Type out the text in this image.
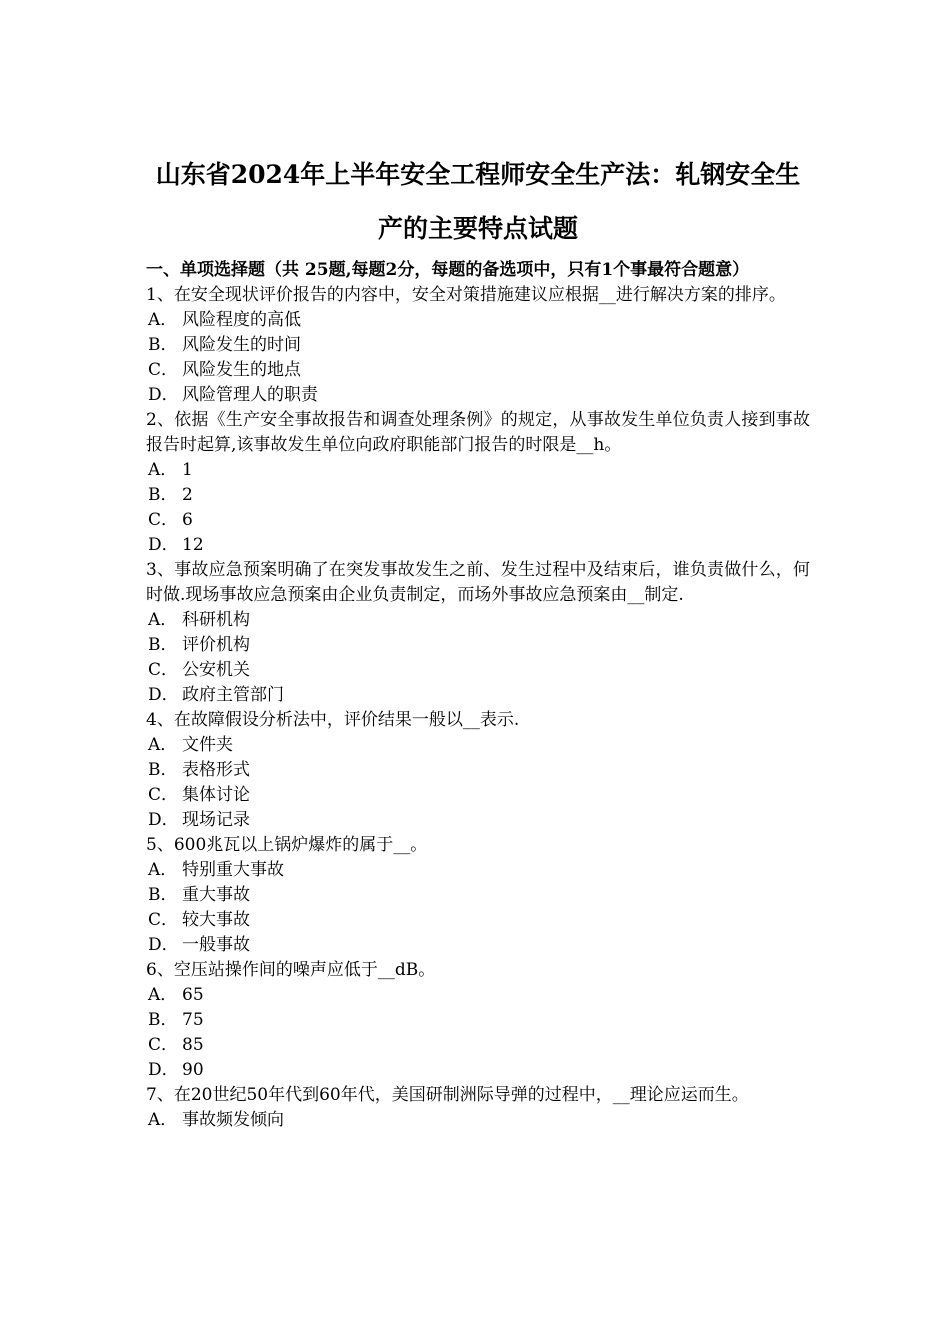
山东省2024年上半年安全工程师安全生产法：轧钢安全生产的主要特点试题

一、单项选择题（共 25题,每题2分，每题的备选项中，只有1个事最符合题意）

1、在安全现状评价报告的内容中，安全对策措施建议应根据__进行解决方案的排序。

A． 风险程度的高低

B． 风险发生的时间

C． 风险发生的地点

D． 风险管理人的职责

2、依据《生产安全事故报告和调查处理条例》的规定，从事故发生单位负责人接到事故报告时起算,该事故发生单位向政府职能部门报告的时限是__h。

A． 1

B． 2

C． 6

D． 12

3、事故应急预案明确了在突发事故发生之前、发生过程中及结束后，谁负责做什么，何时做.现场事故应急预案由企业负责制定，而场外事故应急预案由__制定.

A． 科研机构

B． 评价机构

C． 公安机关

D． 政府主管部门

4、在故障假设分析法中，评价结果一般以__表示.

A． 文件夹

B． 表格形式

C． 集体讨论

D． 现场记录

5、600兆瓦以上锅炉爆炸的属于__。

A． 特别重大事故

B． 重大事故

C． 较大事故

D． 一般事故

6、空压站操作间的噪声应低于__dB。

A． 65

B． 75

C． 85

D． 90

7、在20世纪50年代到60年代，美国研制洲际导弹的过程中，__理论应运而生。

A． 事故频发倾向
